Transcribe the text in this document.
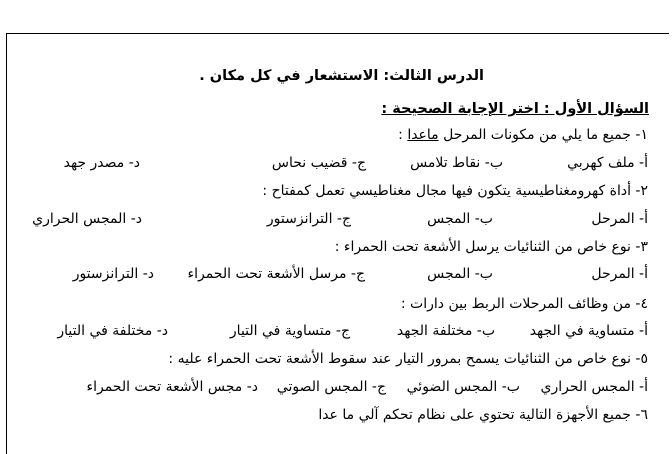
الدرس الثالث: الاستشعار في كل مكان .
السؤال الأول : اختر الإجابة الصحيحة :
١- جميع ما يلي من مكونات المرحل ماعدا :
أ- ملف كهربي
ب- نقاط تلامس
ج- قضيب نحاس
د- مصدر جهد
٢- أداة كهرومغناطيسية يتكون فيها مجال مغناطيسي تعمل كمفتاح :
أ- المرحل
ب- المجس
ج- الترانزستور
د- المجس الحراري
٣- نوع خاص من الثنائيات يرسل الأشعة تحت الحمراء :
أ- المرحل
ب- المجس
ج- مرسل الأشعة تحت الحمراء
د- الترانزستور
٤- من وظائف المرحلات الربط بين دارات :
أ- متساوية في الجهد
ب- مختلفة الجهد
ج- متساوية في التيار
د- مختلفة في التيار
٥- نوع خاص من الثنائيات يسمح بمرور التيار عند سقوط الأشعة تحت الحمراء عليه :
أ- المجس الحراري
ب- المجس الضوئي
ج- المجس الصوتي
د- مجس الأشعة تحت الحمراء
٦- جميع الأجهزة التالية تحتوي على نظام تحكم آلي ما عدا
